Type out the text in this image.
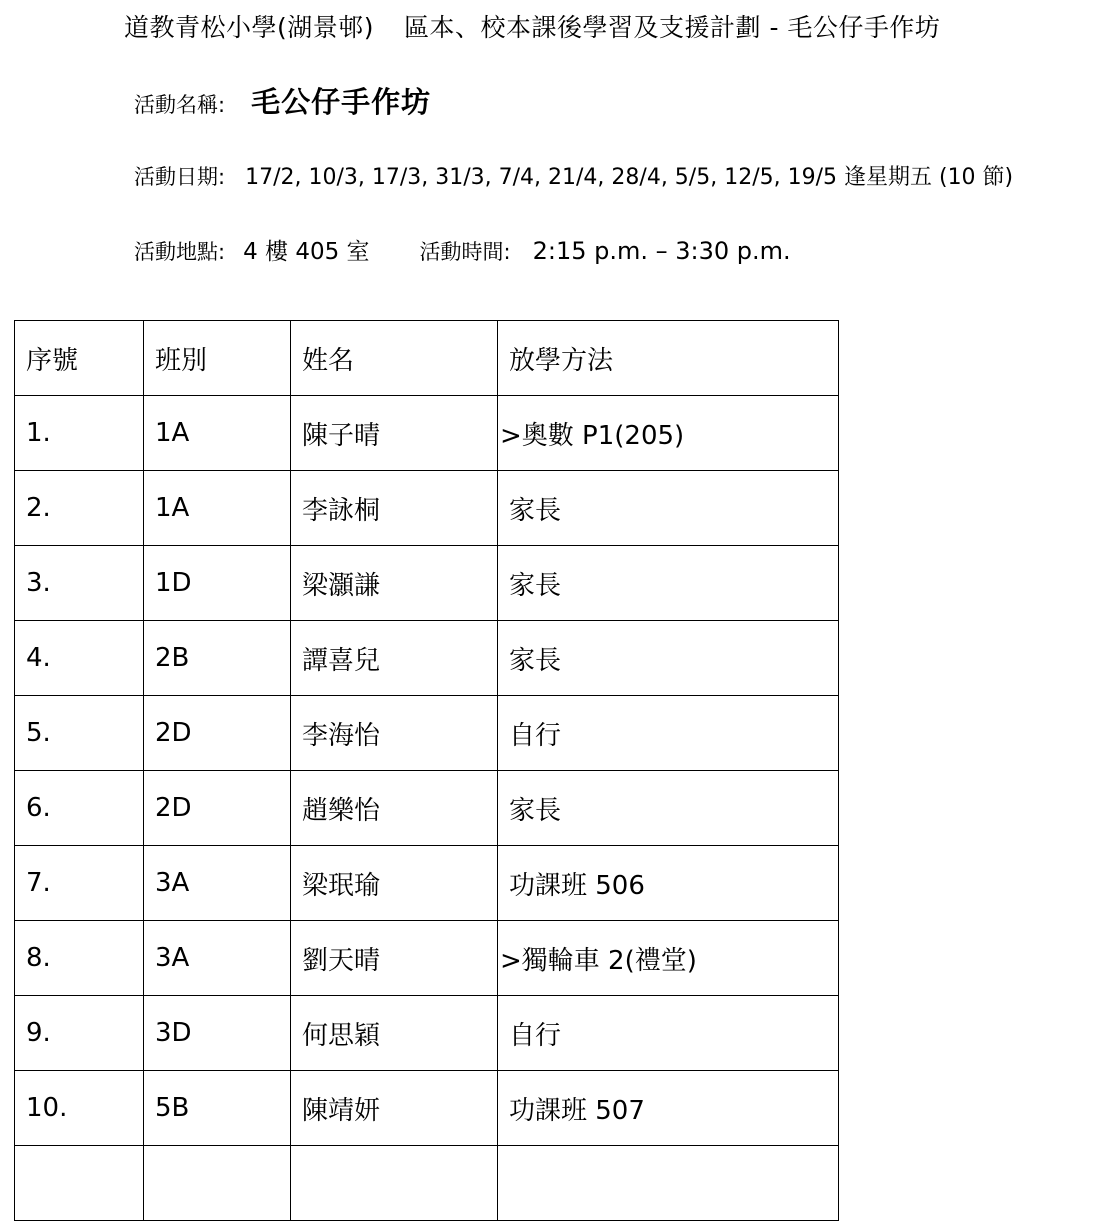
道教青松小學(湖景邨) 區本、校本課後學習及支援計劃 - 毛公仔手作坊
活動名稱: 毛公仔手作坊
活動日期: 17/2, 10/3, 17/3, 31/3, 7/4, 21/4, 28/4, 5/5, 12/5, 19/5 逢星期五 (10 節)
活動地點: 4 樓 405 室 活動時間: 2:15 p.m. – 3:30 p.m.
序號	班別	姓名	放學方法
1.	1A	陳子晴	>奧數 P1(205)
2.	1A	李詠桐	家長
3.	1D	梁灝謙	家長
4.	2B	譚喜兒	家長
5.	2D	李海怡	自行
6.	2D	趙樂怡	家長
7.	3A	梁珉瑜	功課班 506
8.	3A	劉天晴	>獨輪車 2(禮堂)
9.	3D	何思穎	自行
10.	5B	陳靖妍	功課班 507
